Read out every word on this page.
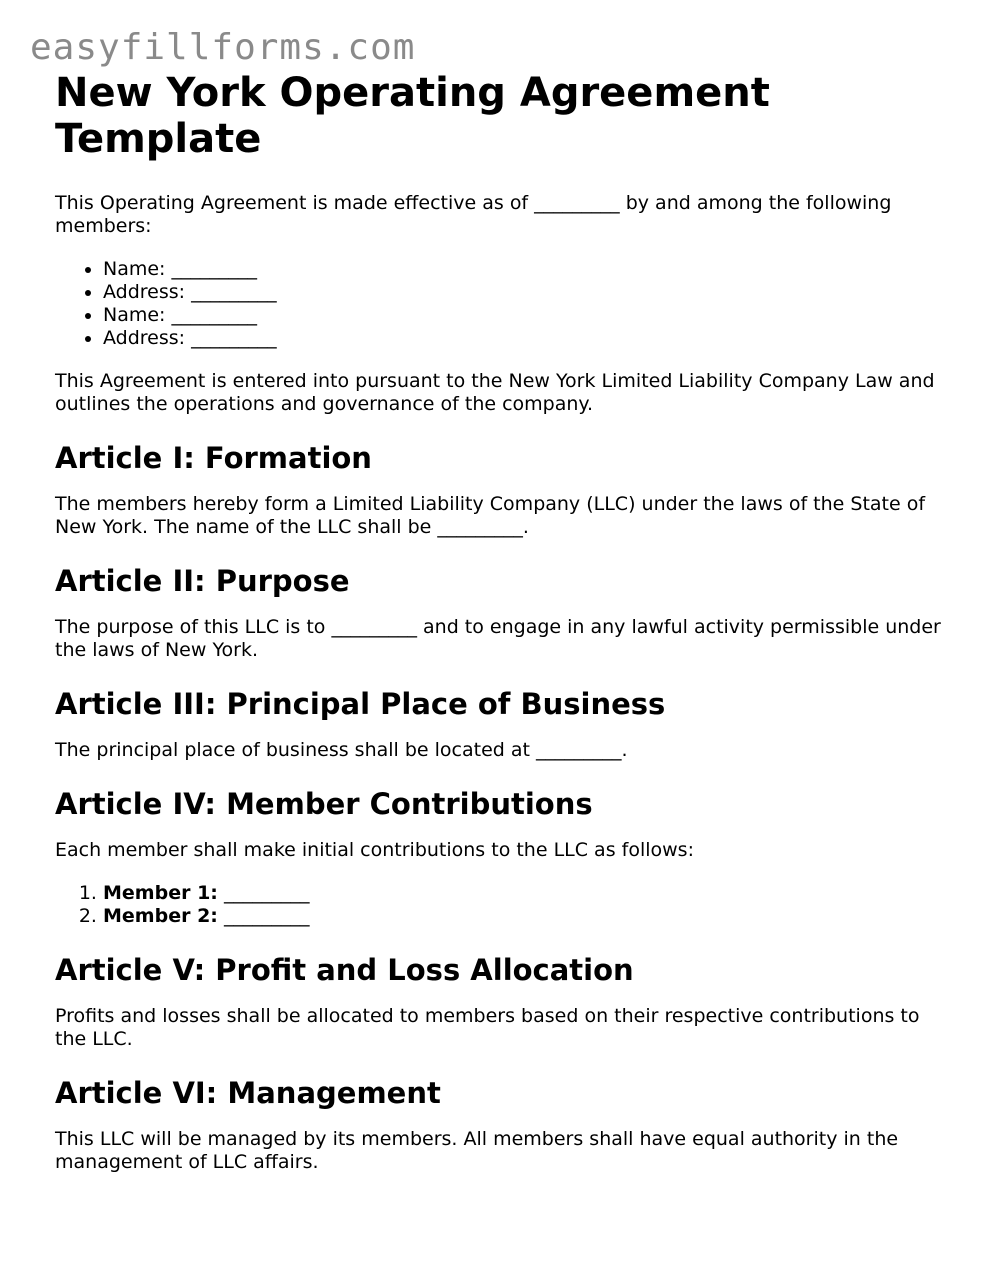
easyfillforms.com
New York Operating Agreement Template

This Operating Agreement is made effective as of _________ by and among the following members:

• Name: _________
• Address: _________
• Name: _________
• Address: _________

This Agreement is entered into pursuant to the New York Limited Liability Company Law and outlines the operations and governance of the company.

Article I: Formation

The members hereby form a Limited Liability Company (LLC) under the laws of the State of New York. The name of the LLC shall be _________.

Article II: Purpose

The purpose of this LLC is to _________ and to engage in any lawful activity permissible under the laws of New York.

Article III: Principal Place of Business

The principal place of business shall be located at _________.

Article IV: Member Contributions

Each member shall make initial contributions to the LLC as follows:

1. Member 1: _________
2. Member 2: _________
Article V: Profit and Loss Allocation

Profits and losses shall be allocated to members based on their respective contributions to the LLC.

Article VI: Management

This LLC will be managed by its members. All members shall have equal authority in the management of LLC affairs.
